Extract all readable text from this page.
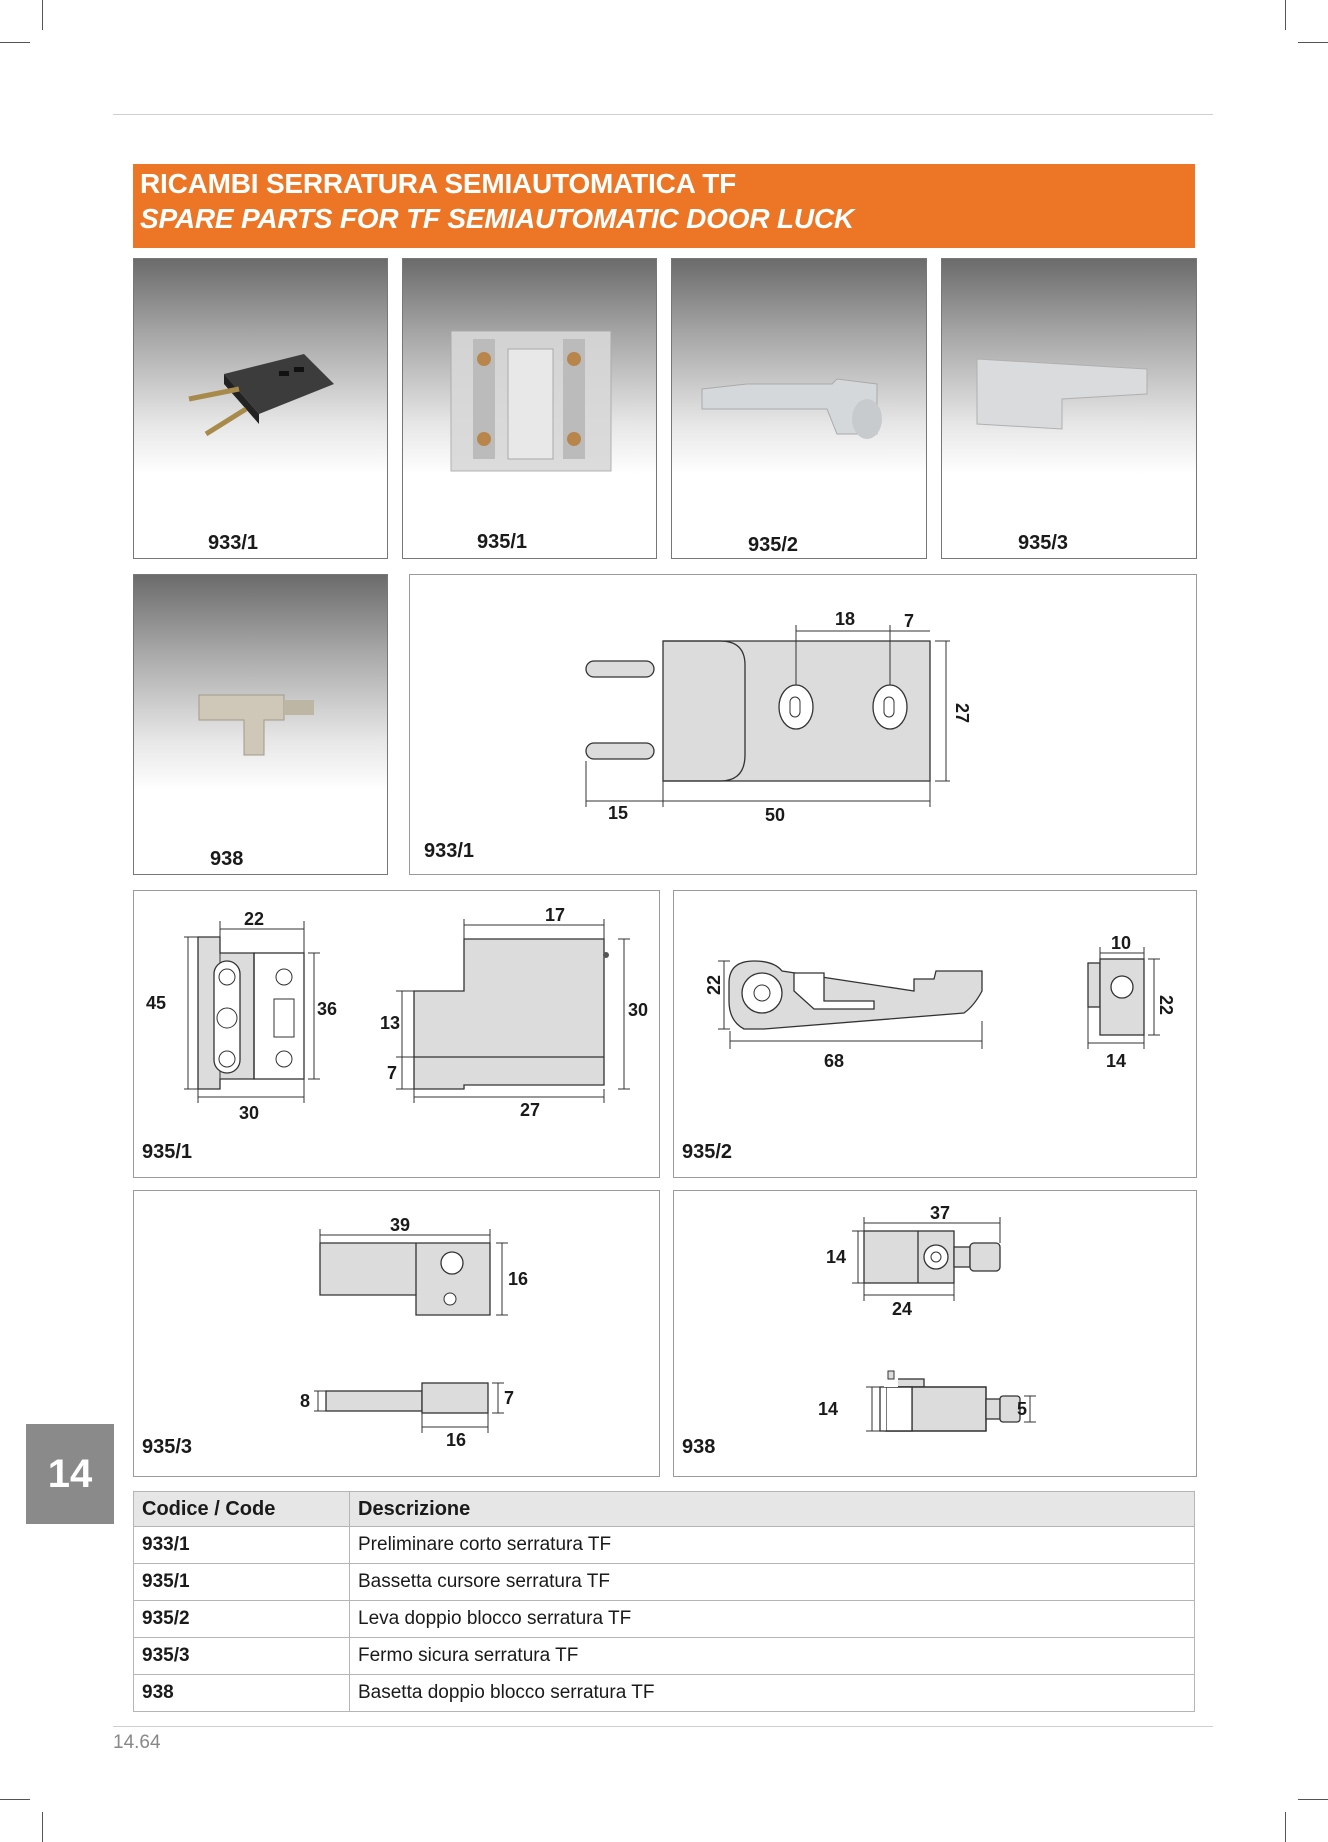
RICAMBI SERRATURA SEMIAUTOMATICA TF
SPARE PARTS FOR TF SEMIAUTOMATIC DOOR LUCK
933/1	935/1	935/2	935/3
938
18	7
27
15	50
933/1
22
45	36
30
17
13
7
30
27
935/1
22
68
10
22
14
935/2
39
16
8	7
16
935/3
37
14
24
14	5
938
14
Codice / Code	Descrizione
933/1	Preliminare corto serratura TF
935/1	Bassetta cursore serratura TF
935/2	Leva doppio blocco serratura TF
935/3	Fermo sicura serratura TF
938	Basetta doppio blocco serratura TF
14.64
